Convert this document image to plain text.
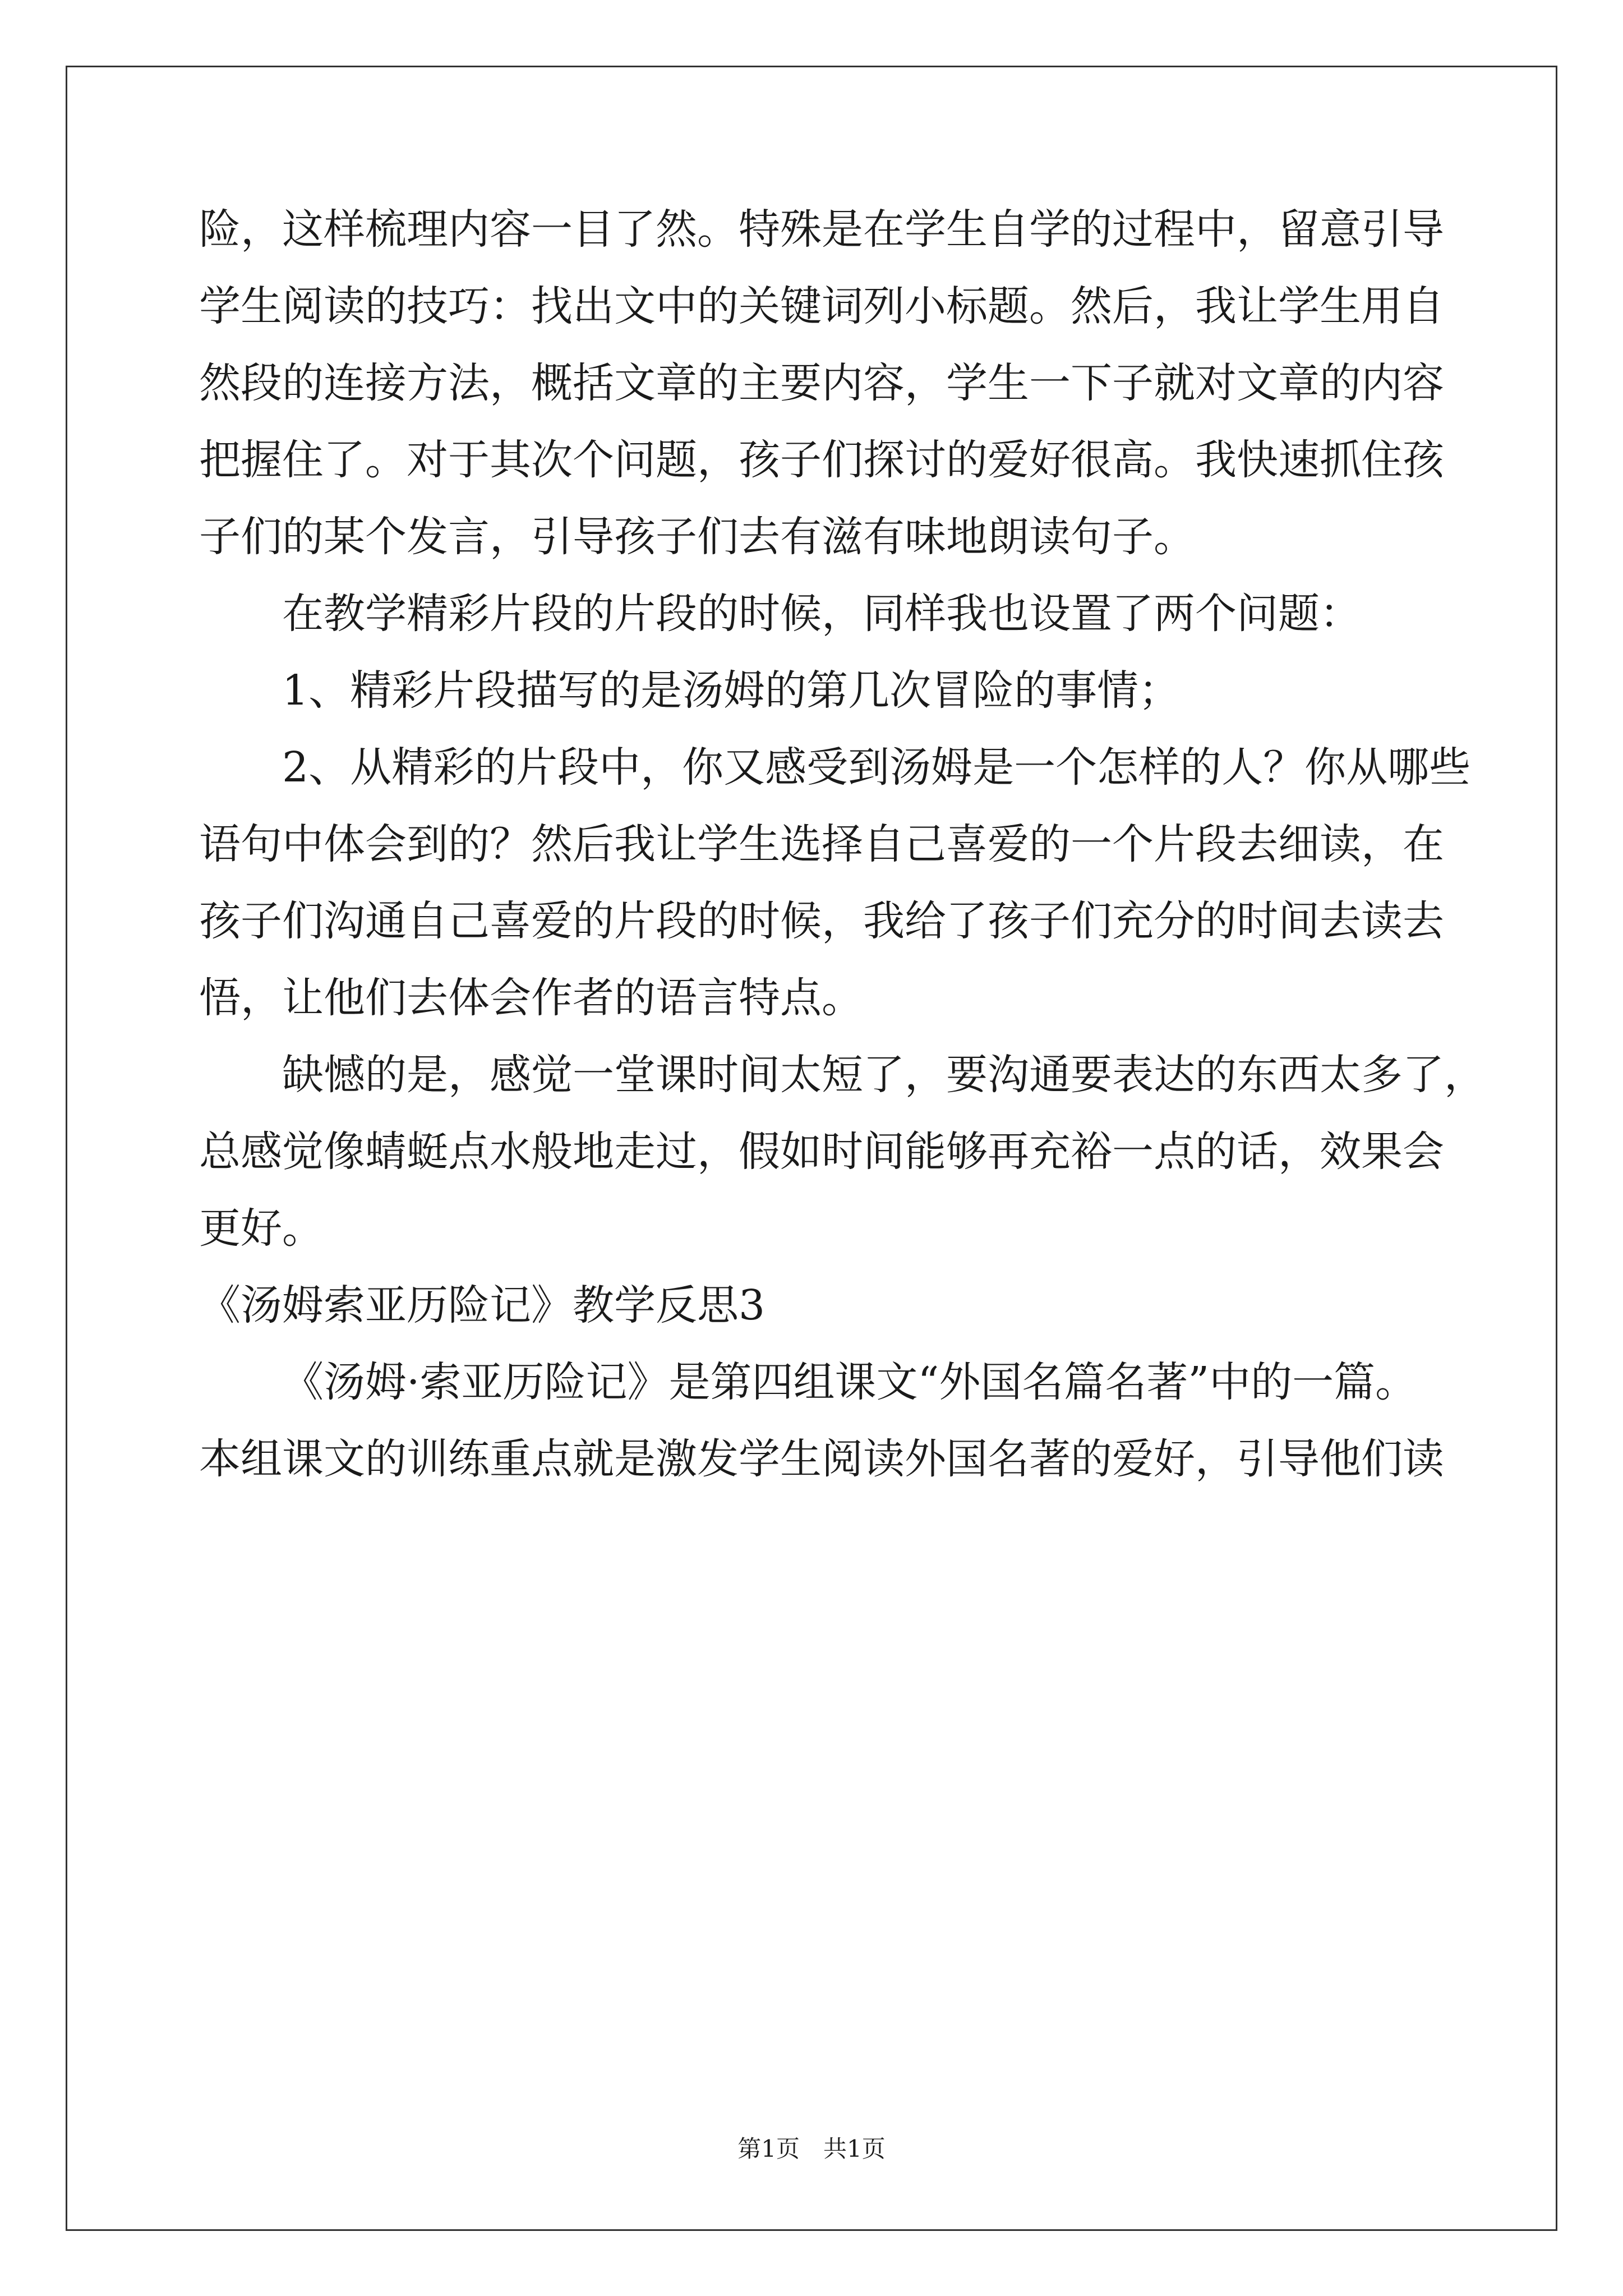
险，这样梳理内容一目了然。特殊是在学生自学的过程中，留意引导
学生阅读的技巧：找出文中的关键词列小标题。然后，我让学生用自
然段的连接方法，概括文章的主要内容，学生一下子就对文章的内容
把握住了。对于其次个问题，孩子们探讨的爱好很高。我快速抓住孩
子们的某个发言，引导孩子们去有滋有味地朗读句子。
在教学精彩片段的片段的时候，同样我也设置了两个问题：
1、精彩片段描写的是汤姆的第几次冒险的事情；
2、从精彩的片段中，你又感受到汤姆是一个怎样的人？你从哪些
语句中体会到的？然后我让学生选择自己喜爱的一个片段去细读，在
孩子们沟通自己喜爱的片段的时候，我给了孩子们充分的时间去读去
悟，让他们去体会作者的语言特点。
缺憾的是，感觉一堂课时间太短了，要沟通要表达的东西太多了，
总感觉像蜻蜓点水般地走过，假如时间能够再充裕一点的话，效果会
更好。
《汤姆索亚历险记》教学反思3
《汤姆·索亚历险记》是第四组课文“外国名篇名著”中的一篇。
本组课文的训练重点就是激发学生阅读外国名著的爱好，引导他们读
第1页 共1页
